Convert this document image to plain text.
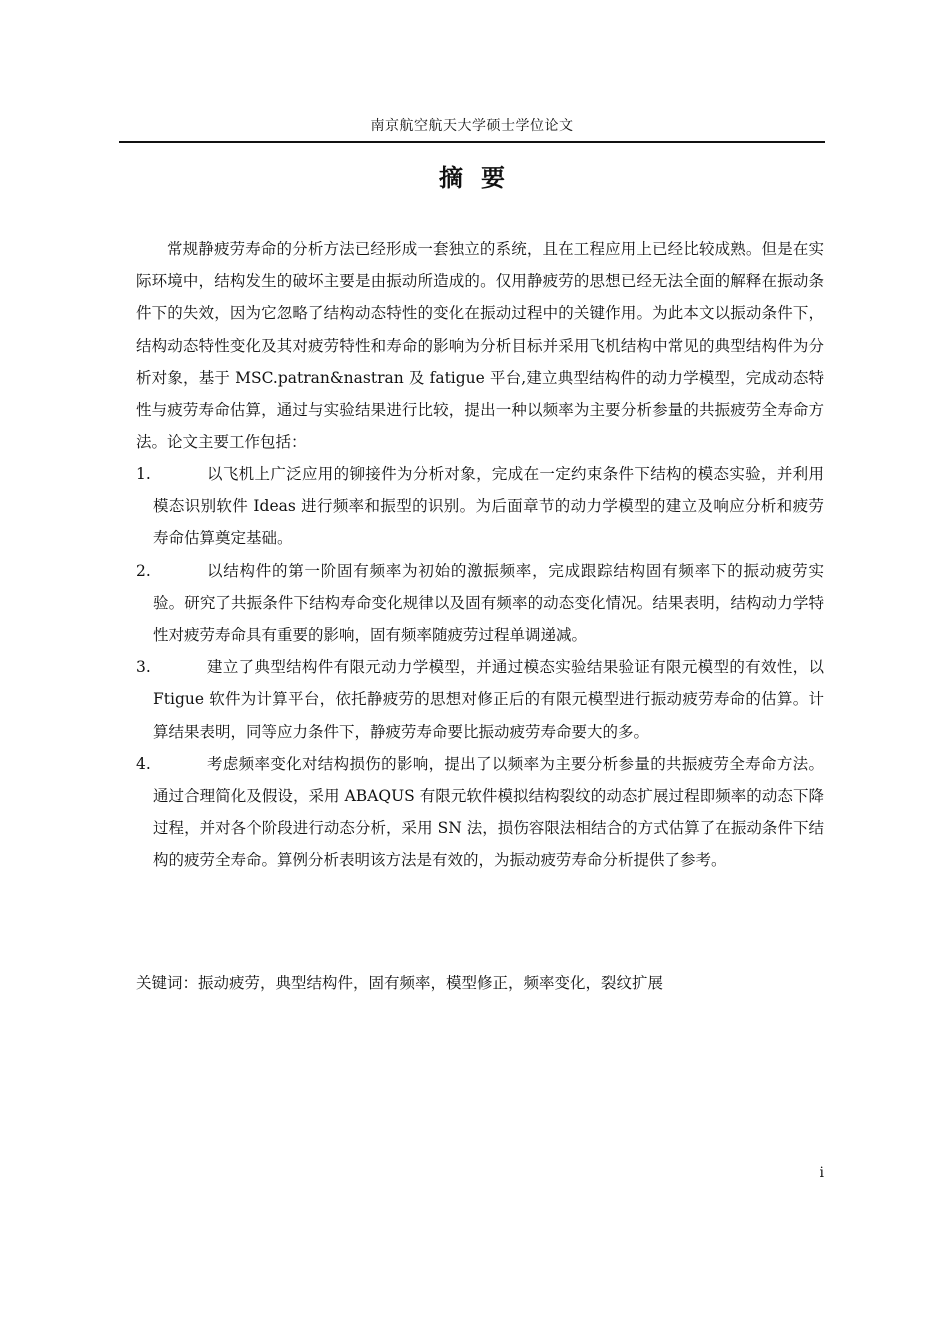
南京航空航天大学硕士学位论文
摘要
常规静疲劳寿命的分析方法已经形成一套独立的系统，且在工程应用上已经比较成熟。但是在实际环境中，结构发生的破坏主要是由振动所造成的。仅用静疲劳的思想已经无法全面的解释在振动条件下的失效，因为它忽略了结构动态特性的变化在振动过程中的关键作用。为此本文以振动条件下，结构动态特性变化及其对疲劳特性和寿命的影响为分析目标并采用飞机结构中常见的典型结构件为分析对象，基于 MSC.patran&nastran 及 fatigue 平台,建立典型结构件的动力学模型，完成动态特性与疲劳寿命估算，通过与实验结果进行比较，提出一种以频率为主要分析参量的共振疲劳全寿命方法。论文主要工作包括：
1.	以飞机上广泛应用的铆接件为分析对象，完成在一定约束条件下结构的模态实验，并利用模态识别软件 Ideas 进行频率和振型的识别。为后面章节的动力学模型的建立及响应分析和疲劳寿命估算奠定基础。
2.	以结构件的第一阶固有频率为初始的激振频率，完成跟踪结构固有频率下的振动疲劳实验。研究了共振条件下结构寿命变化规律以及固有频率的动态变化情况。结果表明，结构动力学特性对疲劳寿命具有重要的影响，固有频率随疲劳过程单调递减。
3.	建立了典型结构件有限元动力学模型，并通过模态实验结果验证有限元模型的有效性，以 Ftigue 软件为计算平台，依托静疲劳的思想对修正后的有限元模型进行振动疲劳寿命的估算。计算结果表明，同等应力条件下，静疲劳寿命要比振动疲劳寿命要大的多。
4.	考虑频率变化对结构损伤的影响，提出了以频率为主要分析参量的共振疲劳全寿命方法。通过合理简化及假设，采用 ABAQUS 有限元软件模拟结构裂纹的动态扩展过程即频率的动态下降过程，并对各个阶段进行动态分析，采用 SN 法，损伤容限法相结合的方式估算了在振动条件下结构的疲劳全寿命。算例分析表明该方法是有效的，为振动疲劳寿命分析提供了参考。
关键词：振动疲劳，典型结构件，固有频率，模型修正，频率变化，裂纹扩展
i
